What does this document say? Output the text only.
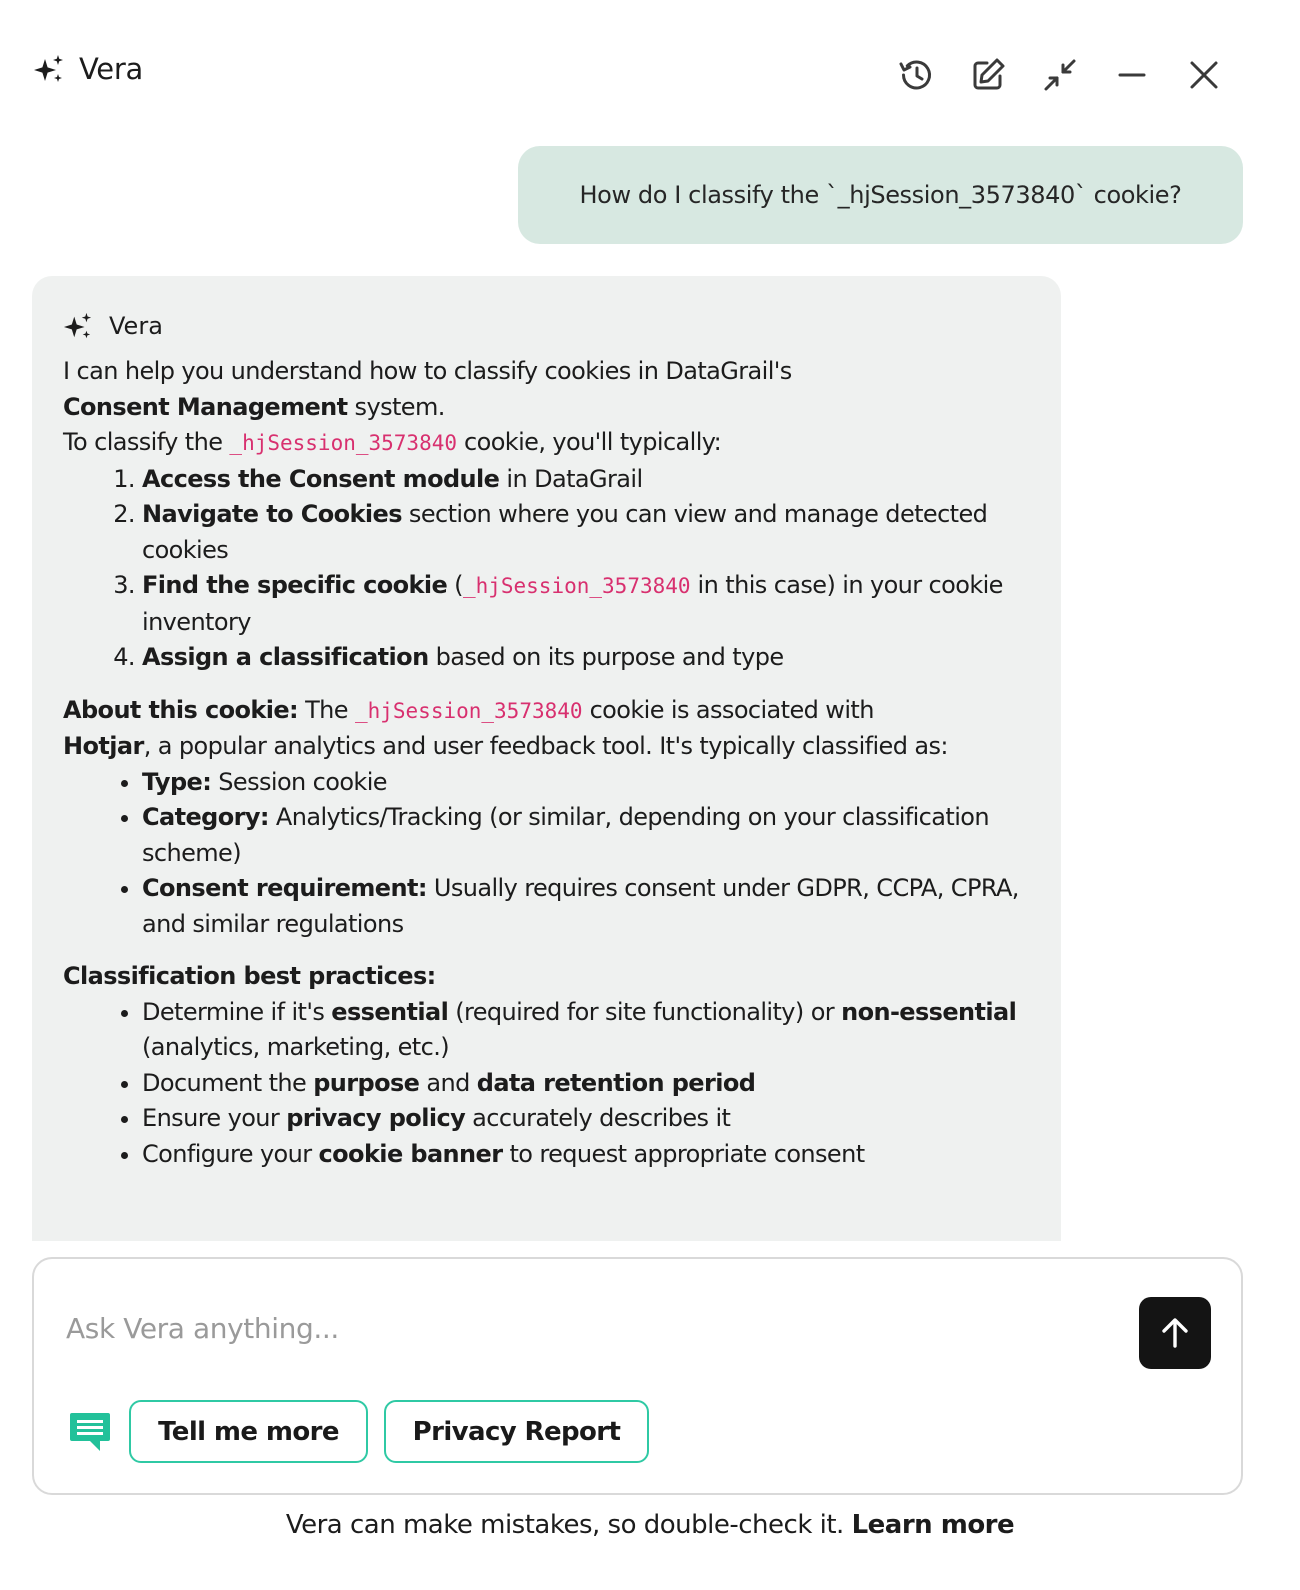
Vera
How do I classify the `_hjSession_3573840` cookie?
Vera

I can help you understand how to classify cookies in DataGrail's

Consent Management system.

To classify the _hjSession_3573840 cookie, you'll typically:

1. Access the Consent module in DataGrail
2. Navigate to Cookies section where you can view and manage detected cookies
3. Find the specific cookie (_hjSession_3573840 in this case) in your cookie inventory
4. Assign a classification based on its purpose and type

About this cookie: The _hjSession_3573840 cookie is associated with
Hotjar, a popular analytics and user feedback tool. It's typically classified as:

• Type: Session cookie
• Category: Analytics/Tracking (or similar, depending on your classification scheme)
• Consent requirement: Usually requires consent under GDPR, CCPA, CPRA, and similar regulations

Classification best practices:

• Determine if it's essential (required for site functionality) or non-essential (analytics, marketing, etc.)
• Document the purpose and data retention period
• Ensure your privacy policy accurately describes it
• Configure your cookie banner to request appropriate consent
Ask Vera anything...
Tell me more	Privacy Report
Vera can make mistakes, so double-check it. Learn more
